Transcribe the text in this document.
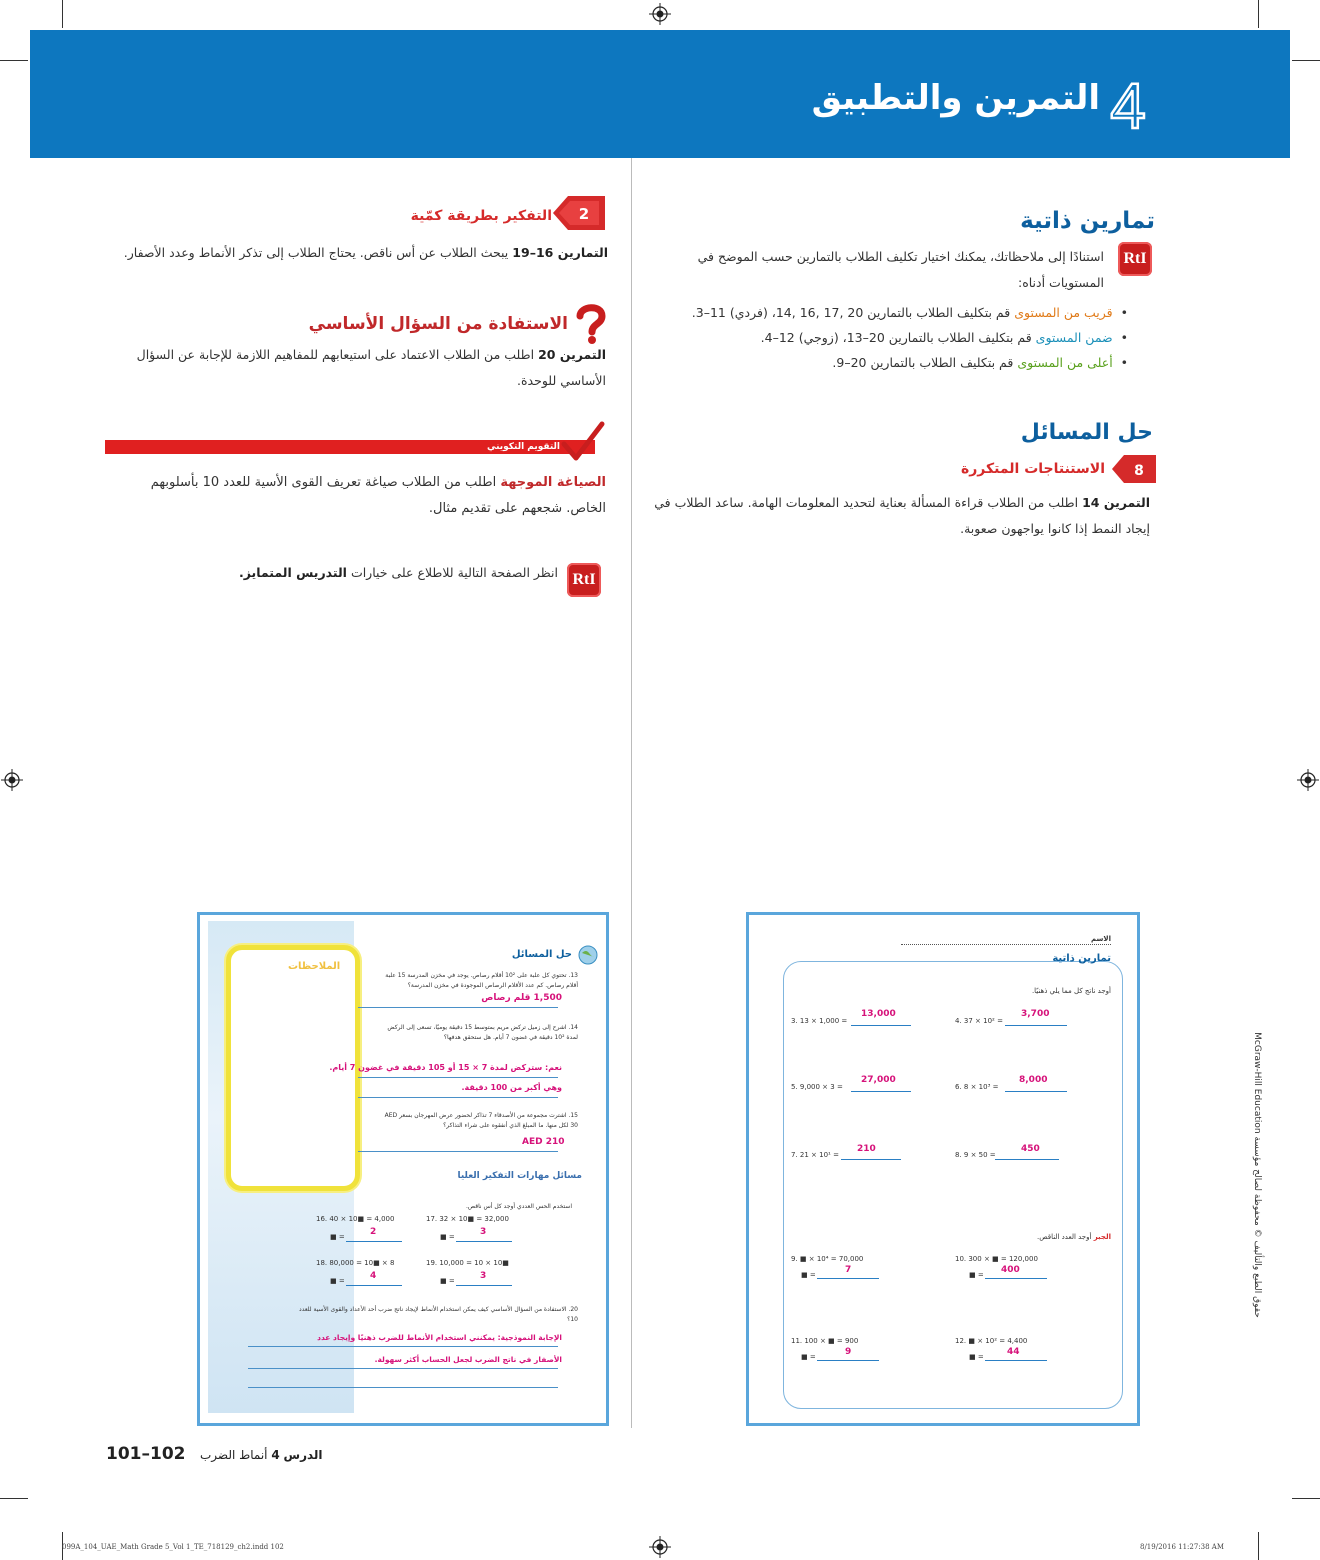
التمرين والتطبيق 4
تمارين ذاتية
RtI
استنادًا إلى ملاحظاتك، يمكنك اختيار تكليف الطلاب بالتمارين حسب الموضح في
المستويات أدناه:
•  قريب من المستوى قم بتكليف الطلاب بالتمارين 20 ,17 ,16 ,14، (فردي) 11–3.
•  ضمن المستوى قم بتكليف الطلاب بالتمارين 20–13، (زوجي) 12–4.
•  أعلى من المستوى قم بتكليف الطلاب بالتمارين 20–9.
حل المسائل
8
الاستنتاجات المتكررة
التمرين 14 اطلب من الطلاب قراءة المسألة بعناية لتحديد المعلومات الهامة. ساعد الطلاب في
إيجاد النمط إذا كانوا يواجهون صعوبة.
2
التفكير بطريقة كمّية
التمارين 16–19 يبحث الطلاب عن أس ناقص. يحتاج الطلاب إلى تذكر الأنماط وعدد الأصفار.
الاستفادة من السؤال الأساسي
التمرين 20 اطلب من الطلاب الاعتماد على استيعابهم للمفاهيم اللازمة للإجابة عن السؤال
الأساسي للوحدة.
التقويم التكويني
الصياغة الموجهة اطلب من الطلاب صياغة تعريف القوى الأسية للعدد 10 بأسلوبهم
الخاص. شجعهم على تقديم مثال.
RtI
انظر الصفحة التالية للاطلاع على خيارات التدريس المتمايز.
الاسم
تمارين ذاتية
أوجد ناتج كل مما يلي ذهنيًا.
3. 13 × 1,000 =
13,000
4. 37 × 10² =
3,700
5. 9,000 × 3 =
27,000
6. 8 × 10³ =
8,000
7. 21 × 10¹ =
210
8. 9 × 50 =
450
الجبر أوجد العدد الناقص.
9. ■ × 10⁴ = 70,000
■ =	7
10. 300 × ■ = 120,000
■ = 400
11. 100 × ■ = 900
■ =	9
12. ■ × 10² = 4,400
■ =	44
حقوق الطبع والتأليف © محفوظة لصالح مؤسسة McGraw-Hill Education
الملاحظات
حل المسائل
13. تحتوي كل علبة على 10² أقلام رصاص. يوجد في مخزن المدرسة 15 علبة أقلام رصاص. كم عدد الأقلام الرصاص الموجودة في مخزن المدرسة؟
1,500 قلم رصاص
14. اشرح إلى زميل تركض مريم بمتوسط 15 دقيقة يوميًا، تسعى إلى الركض لمدة 10² دقيقة في غضون 7 أيام. هل ستحقق هدفها؟
نعم: ستركض لمدة 7 × 15 أو 105 دقيقة في غضون 7 أيام.
وهي أكبر من 100 دقيقة.
15. اشترت مجموعة من الأصدقاء 7 تذاكر لحضور عرض المهرجان بسعر AED 30 لكل منها. ما المبلغ الذي أنفقوه على شراء التذاكر؟
AED 210
مسائل مهارات التفكير العليا
استخدم الحس العددي أوجد كل أس ناقص.
16. 40 × 10■ = 4,000
■ =	2
17. 32 × 10■ = 32,000
■ =	3
18. 80,000 = 10■ × 8
■ =	4
19. 10,000 = 10 × 10■
■ =	3
20. الاستفادة من السؤال الأساسي كيف يمكن استخدام الأنماط لإيجاد ناتج ضرب أحد الأعداد والقوى الأسية للعدد 10؟
الإجابة النموذجية: يمكنني استخدام الأنماط للضرب ذهنيًا وإيجاد عدد
الأصفار في ناتج الضرب لجعل الحساب أكثر سهولة.
101–102	الدرس 4 أنماط الضرب
099A_104_UAE_Math Grade 5_Vol 1_TE_718129_ch2.indd 102	8/19/2016 11:27:38 AM
